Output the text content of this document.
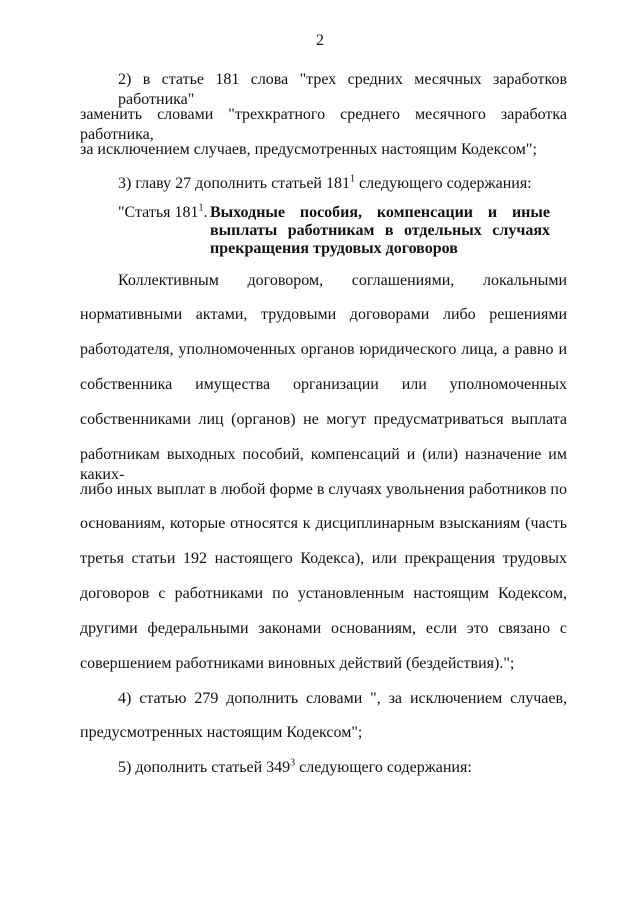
2
2) в статье 181 слова "трех средних месячных заработков работника"
заменить словами "трехкратного среднего месячного заработка работника,
за исключением случаев, предусмотренных настоящим Кодексом";
3) главу 27 дополнить статьей $181^1$ следующего содержания:
"Статья $181^1$. Выходные пособия, компенсации и иные
выплаты работникам в отдельных случаях
прекращения трудовых договоров
Коллективным договором, соглашениями, локальными
нормативными актами, трудовыми договорами либо решениями
работодателя, уполномоченных органов юридического лица, а равно и
собственника имущества организации или уполномоченных
собственниками лиц (органов) не могут предусматриваться выплата
работникам выходных пособий, компенсаций и (или) назначение им каких-
либо иных выплат в любой форме в случаях увольнения работников по
основаниям, которые относятся к дисциплинарным взысканиям (часть
третья статьи 192 настоящего Кодекса), или прекращения трудовых
договоров с работниками по установленным настоящим Кодексом,
другими федеральными законами основаниям, если это связано с
совершением работниками виновных действий (бездействия).";
4) статью 279 дополнить словами ", за исключением случаев,
предусмотренных настоящим Кодексом";
5) дополнить статьей $349^3$ следующего содержания:
